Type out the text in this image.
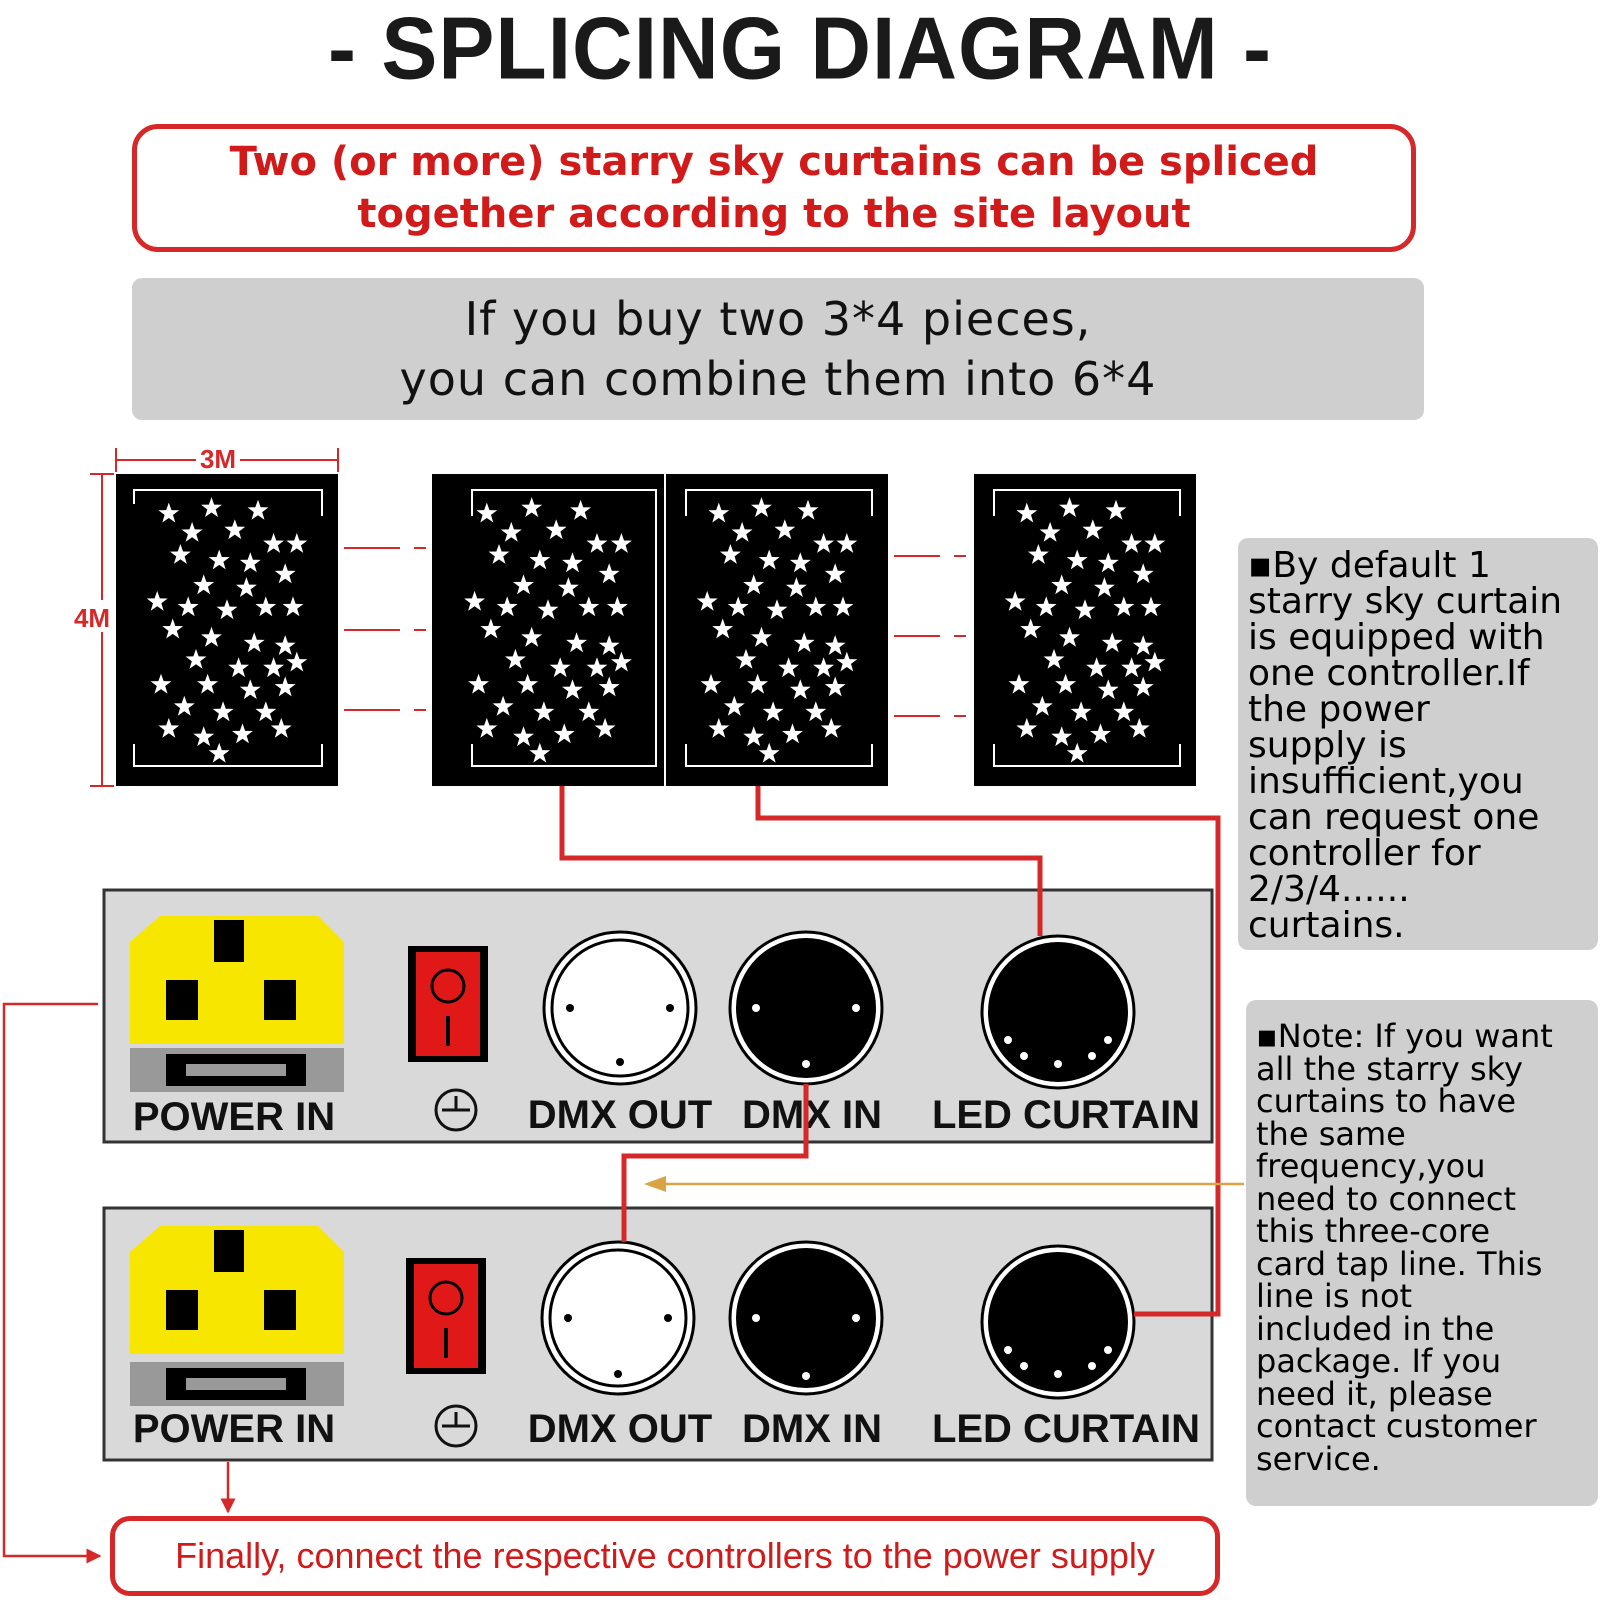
- SPLICING DIAGRAM -
Two (or more) starry sky curtains can be spliced
together according to the site layout
If you buy two 3*4 pieces,
you can combine them into 6*4
3M
4M
POWER IN	DMX OUT DMX IN LED CURTAIN
POWER IN	DMX OUT DMX IN LED CURTAIN
▪By default 1
starry sky curtain
is equipped with
one controller.If
the power
supply is
insufficient,you
can request one
controller for
2/3/4......
curtains.
▪Note: If you want
all the starry sky
curtains to have
the same
frequency,you
need to connect
this three-core
card tap line. This
line is not
included in the
package. If you
need it, please
contact customer
service.
Finally, connect the respective controllers to the power supply
